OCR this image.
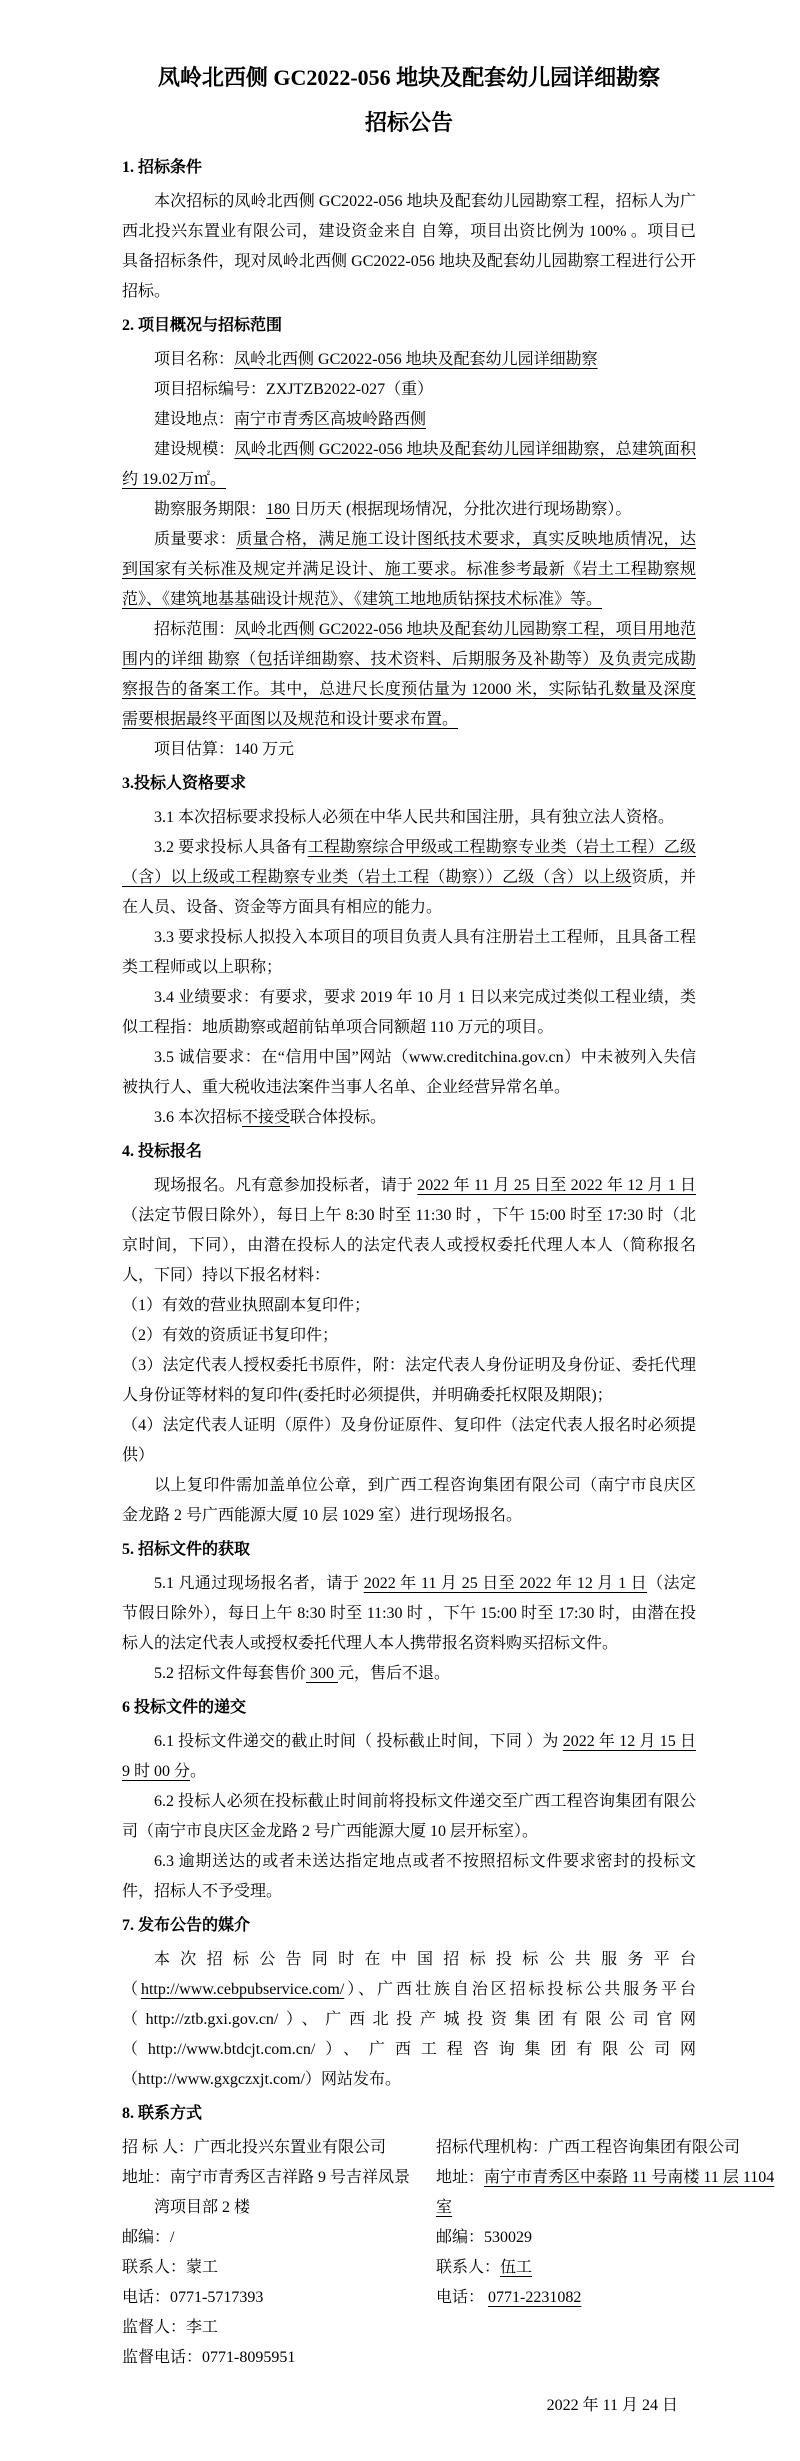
凤岭北西侧 GC2022-056 地块及配套幼儿园详细勘察
招标公告
1. 招标条件

本次招标的凤岭北西侧 GC2022-056 地块及配套幼儿园勘察工程，招标人为广西北投兴东置业有限公司，建设资金来自 自筹，项目出资比例为 100% 。项目已具备招标条件，现对凤岭北西侧 GC2022-056 地块及配套幼儿园勘察工程进行公开招标。

2. 项目概况与招标范围

项目名称：凤岭北西侧 GC2022-056 地块及配套幼儿园详细勘察

项目招标编号：ZXJTZB2022-027（重）

建设地点：南宁市青秀区高坡岭路西侧

建设规模：凤岭北西侧 GC2022-056 地块及配套幼儿园详细勘察，总建筑面积约 19.02万㎡。

勘察服务期限：180 日历天 (根据现场情况，分批次进行现场勘察）。

质量要求：质量合格，满足施工设计图纸技术要求，真实反映地质情况，达到国家有关标准及规定并满足设计、施工要求。标准参考最新《岩土工程勘察规范》、《建筑地基基础设计规范》、《建筑工地地质钻探技术标准》等。

招标范围：凤岭北西侧 GC2022-056 地块及配套幼儿园勘察工程，项目用地范围内的详细 勘察（包括详细勘察、技术资料、后期服务及补勘等）及负责完成勘察报告的备案工作。其中，总进尺长度预估量为 12000 米，实际钻孔数量及深度需要根据最终平面图以及规范和设计要求布置。

项目估算：140 万元

3.投标人资格要求

3.1 本次招标要求投标人必须在中华人民共和国注册，具有独立法人资格。

3.2 要求投标人具备有工程勘察综合甲级或工程勘察专业类（岩土工程）乙级（含）以上级或工程勘察专业类（岩土工程（勘察））乙级（含）以上级资质，并在人员、设备、资金等方面具有相应的能力。

3.3 要求投标人拟投入本项目的项目负责人具有注册岩土工程师，且具备工程类工程师或以上职称；

3.4 业绩要求：有要求，要求 2019 年 10 月 1 日以来完成过类似工程业绩，类似工程指：地质勘察或超前钻单项合同额超 110 万元的项目。

3.5 诚信要求：在“信用中国”网站（www.creditchina.gov.cn）中未被列入失信被执行人、重大税收违法案件当事人名单、企业经营异常名单。

3.6 本次招标不接受联合体投标。

4. 投标报名

现场报名。凡有意参加投标者，请于 2022 年 11 月 25 日至 2022 年 12 月 1 日（法定节假日除外），每日上午 8:30 时至 11:30 时 ，下午 15:00 时至 17:30 时（北京时间，下同），由潜在投标人的法定代表人或授权委托代理人本人（简称报名人，下同）持以下报名材料：

（1）有效的营业执照副本复印件；

（2）有效的资质证书复印件；

（3）法定代表人授权委托书原件，附：法定代表人身份证明及身份证、委托代理人身份证等材料的复印件(委托时必须提供，并明确委托权限及期限)；

（4）法定代表人证明（原件）及身份证原件、复印件（法定代表人报名时必须提供）

以上复印件需加盖单位公章，到广西工程咨询集团有限公司（南宁市良庆区金龙路 2 号广西能源大厦 10 层 1029 室）进行现场报名。

5. 招标文件的获取

5.1 凡通过现场报名者，请于 2022 年 11 月 25 日至 2022 年 12 月 1 日（法定节假日除外），每日上午 8:30 时至 11:30 时 ，下午 15:00 时至 17:30 时，由潜在投标人的法定代表人或授权委托代理人本人携带报名资料购买招标文件。

5.2 招标文件每套售价 300 元，售后不退。

6 投标文件的递交

6.1 投标文件递交的截止时间（ 投标截止时间，下同 ）为 2022 年 12 月 15 日 9 时 00 分。

6.2 投标人必须在投标截止时间前将投标文件递交至广西工程咨询集团有限公司（南宁市良庆区金龙路 2 号广西能源大厦 10 层开标室）。

6.3 逾期送达的或者未送达指定地点或者不按照招标文件要求密封的投标文件，招标人不予受理。

7. 发布公告的媒介

本次招标公告同时在中国招标投标公共服务平台（http://www.cebpubservice.com/）、广西壮族自治区招标投标公共服务平台（http://ztb.gxi.gov.cn/）、广西北投产城投资集团有限公司官网（http://www.btdcjt.com.cn/）、广西工程咨询集团有限公司网（http://www.gxgczxjt.com/）网站发布。

8. 联系方式

招 标 人：广西北投兴东置业有限公司

地址：南宁市青秀区吉祥路 9 号吉祥凤景湾项目部 2 楼

邮编：/

联系人：蒙工

电话：0771-5717393

监督人：李工

监督电话：0771-8095951

招标代理机构：广西工程咨询集团有限公司

地址：南宁市青秀区中泰路 11 号南楼 11 层 1104 室

邮编：530029

联系人：伍工

电话： 0771-2231082

2022 年 11 月 24 日
